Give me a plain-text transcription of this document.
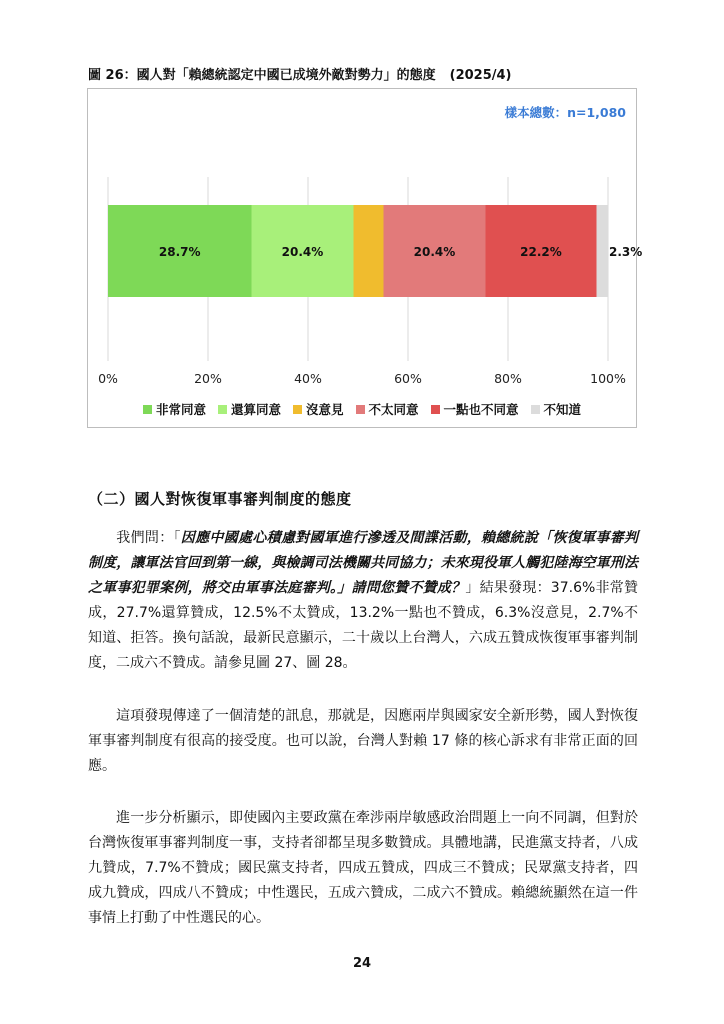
圖 26：國人對「賴總統認定中國已成境外敵對勢力」的態度 (2025/4)
樣本總數：n=1,080
0%	20%	40%	60%	80%	100%
28.7%	20.4%	20.4%	22.2%	2.3%
非常同意 還算同意 沒意見 不太同意 一點也不同意 不知道
（二）國人對恢復軍事審判制度的態度

我們問：「因應中國處心積慮對國軍進行滲透及間諜活動，賴總統說「恢復軍事審判制度，讓軍法官回到第一線，與檢調司法機關共同協力；未來現役軍人觸犯陸海空軍刑法之軍事犯罪案例，將交由軍事法庭審判。」請問您贊不贊成？」結果發現：37.6%非常贊成，27.7%還算贊成，12.5%不太贊成，13.2%一點也不贊成，6.3%沒意見，2.7%不知道、拒答。換句話說，最新民意顯示，二十歲以上台灣人，六成五贊成恢復軍事審判制度，二成六不贊成。請參見圖 27、圖 28。

這項發現傳達了一個清楚的訊息，那就是，因應兩岸與國家安全新形勢，國人對恢復軍事審判制度有很高的接受度。也可以說，台灣人對賴 17 條的核心訴求有非常正面的回應。

進一步分析顯示，即使國內主要政黨在牽涉兩岸敏感政治問題上一向不同調，但對於台灣恢復軍事審判制度一事，支持者卻都呈現多數贊成。具體地講，民進黨支持者，八成九贊成，7.7%不贊成；國民黨支持者，四成五贊成，四成三不贊成；民眾黨支持者，四成九贊成，四成八不贊成；中性選民，五成六贊成，二成六不贊成。賴總統顯然在這一件事情上打動了中性選民的心。

24
